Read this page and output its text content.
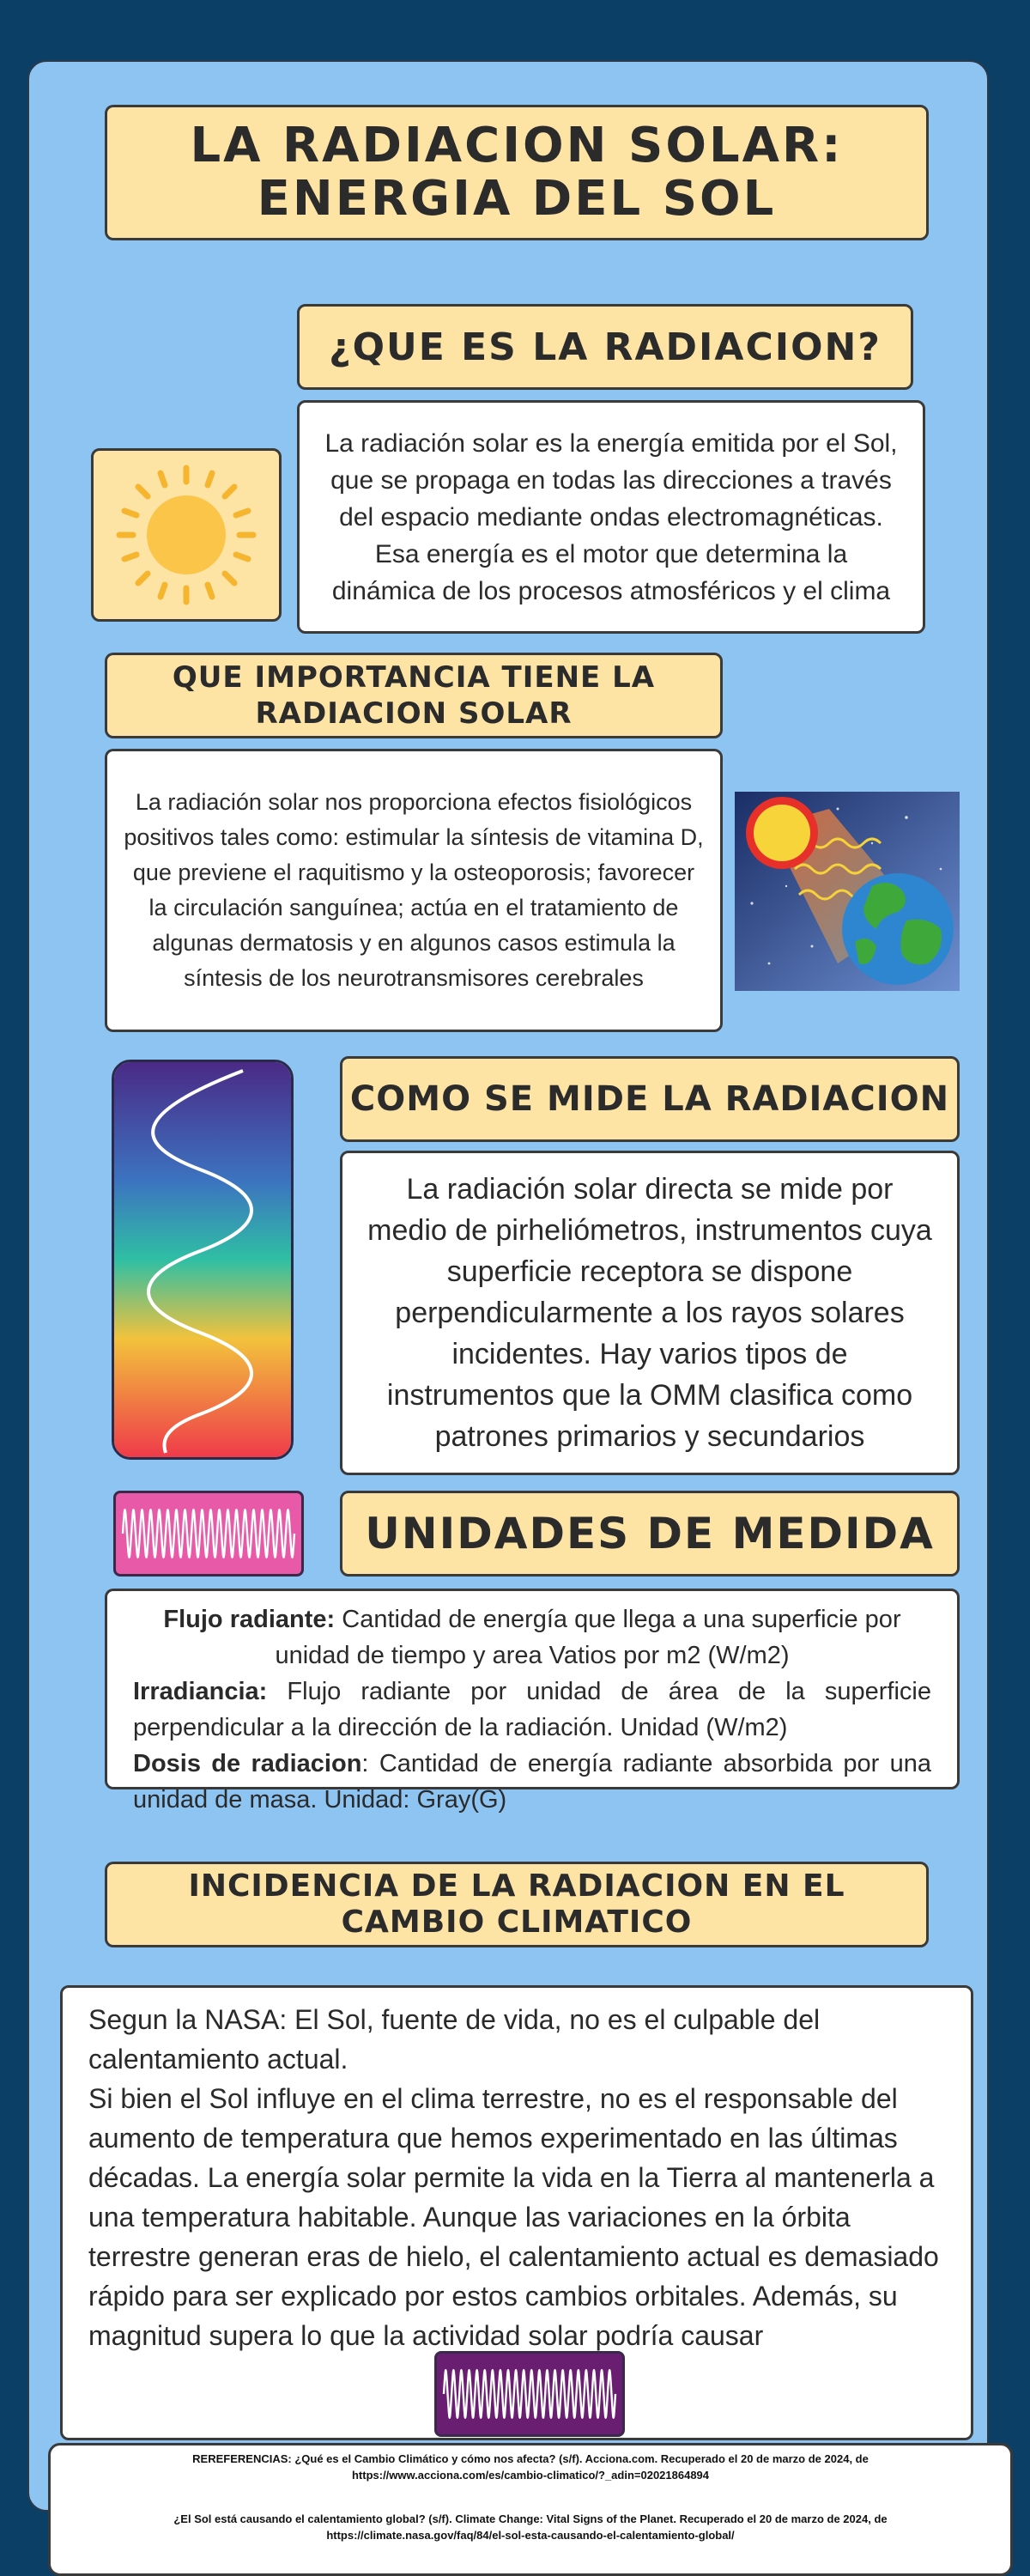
LA RADIACION SOLAR: ENERGIA DEL SOL
¿QUE ES LA RADIACION?

La radiación solar es la energía emitida por el Sol, que se propaga en todas las direcciones a través del espacio mediante ondas electromagnéticas. Esa energía es el motor que determina la dinámica de los procesos atmosféricos y el clima

QUE IMPORTANCIA TIENE LA RADIACION SOLAR

La radiación solar nos proporciona efectos fisiológicos positivos tales como: estimular la síntesis de vitamina D, que previene el raquitismo y la osteoporosis; favorecer la circulación sanguínea; actúa en el tratamiento de algunas dermatosis y en algunos casos estimula la síntesis de los neurotransmisores cerebrales

COMO SE MIDE LA RADIACION

La radiación solar directa se mide por medio de pirheliómetros, instrumentos cuya superficie receptora se dispone perpendicularmente a los rayos solares incidentes. Hay varios tipos de instrumentos que la OMM clasifica como patrones primarios y secundarios

UNIDADES DE MEDIDA

Flujo radiante: Cantidad de energía que llega a una superficie por unidad de tiempo y area Vatios por m2 (W/m2)

Irradiancia: Flujo radiante por unidad de área de la superficie perpendicular a la dirección de la radiación. Unidad (W/m2)

Dosis de radiacion: Cantidad de energía radiante absorbida por una unidad de masa. Unidad: Gray(G)

INCIDENCIA DE LA RADIACION EN EL CAMBIO CLIMATICO

Segun la NASA: El Sol, fuente de vida, no es el culpable del calentamiento actual.

Si bien el Sol influye en el clima terrestre, no es el responsable del aumento de temperatura que hemos experimentado en las últimas décadas. La energía solar permite la vida en la Tierra al mantenerla a una temperatura habitable. Aunque las variaciones en la órbita terrestre generan eras de hielo, el calentamiento actual es demasiado rápido para ser explicado por estos cambios orbitales. Además, su magnitud supera lo que la actividad solar podría causar

REREFERENCIAS: ¿Qué es el Cambio Climático y cómo nos afecta? (s/f). Acciona.com. Recuperado el 20 de marzo de 2024, de https://www.acciona.com/es/cambio-climatico/?_adin=02021864894

¿El Sol está causando el calentamiento global? (s/f). Climate Change: Vital Signs of the Planet. Recuperado el 20 de marzo de 2024, de https://climate.nasa.gov/faq/84/el-sol-esta-causando-el-calentamiento-global/
